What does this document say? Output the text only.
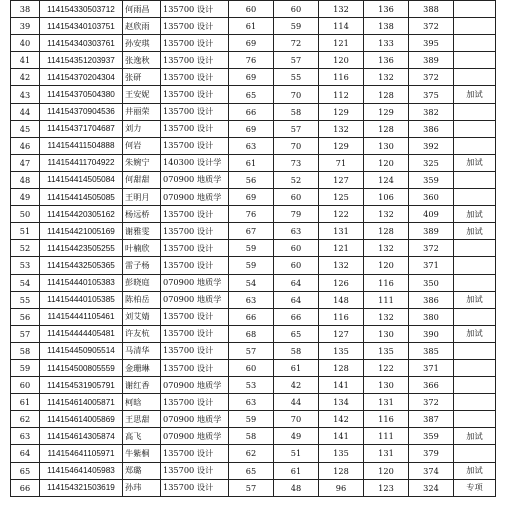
38	114154330503712	何雨昌	135700 设计	60	60	132	136	388	
39	114154340103751	赵欣雨	135700 设计	61	59	114	138	372	
40	114154340303761	孙安琪	135700 设计	69	72	121	133	395	
41	114154351203937	张逸秋	135700 设计	76	57	120	136	389	
42	114154370204304	张研	135700 设计	69	55	116	132	372	
43	114154370504380	王安妮	135700 设计	65	70	112	128	375	加试
44	114154370904536	井丽荣	135700 设计	66	58	129	129	382	
45	114154371704687	刘力	135700 设计	69	57	132	128	386	
46	114154411504888	何岩	135700 设计	63	70	129	130	392	
47	114154411704922	朱婉宁	140300 设计学	61	73	71	120	325	加试
48	114154414505084	何甜甜	070900 地质学	56	52	127	124	359	
49	114154414505085	王明月	070900 地质学	69	60	125	106	360	
50	114154420305162	杨远桥	135700 设计	76	79	122	132	409	加试
51	114154421005169	谢雅雯	135700 设计	67	63	131	128	389	加试
52	114154423505255	叶楠欣	135700 设计	59	60	121	132	372	
53	114154432505365	雷子杨	135700 设计	59	60	132	120	371	
54	114154440105383	彭晓庭	070900 地质学	54	64	126	116	350	
55	114154440105385	陈柏岳	070900 地质学	63	64	148	111	386	加试
56	114154441105461	刘艾婧	135700 设计	66	66	116	132	380	
57	114154444405481	许友杭	135700 设计	68	65	127	130	390	加试
58	114154450905514	马清华	135700 设计	57	58	135	135	385	
59	114154500805559	金珊琳	135700 设计	60	61	128	122	371	
60	114154531905791	谢红香	070900 地质学	53	42	141	130	366	
61	114154614005871	柯晗	135700 设计	63	44	134	131	372	
62	114154614005869	王思甜	070900 地质学	59	70	142	116	387	
63	114154614305874	高飞	070900 地质学	58	49	141	111	359	加试
64	114154641105971	牛紫桐	135700 设计	62	51	135	131	379	
65	114154641405983	郑璐	135700 设计	65	61	128	120	374	加试
66	114154321503619	孙玮	135700 设计	57	48	96	123	324	专项
